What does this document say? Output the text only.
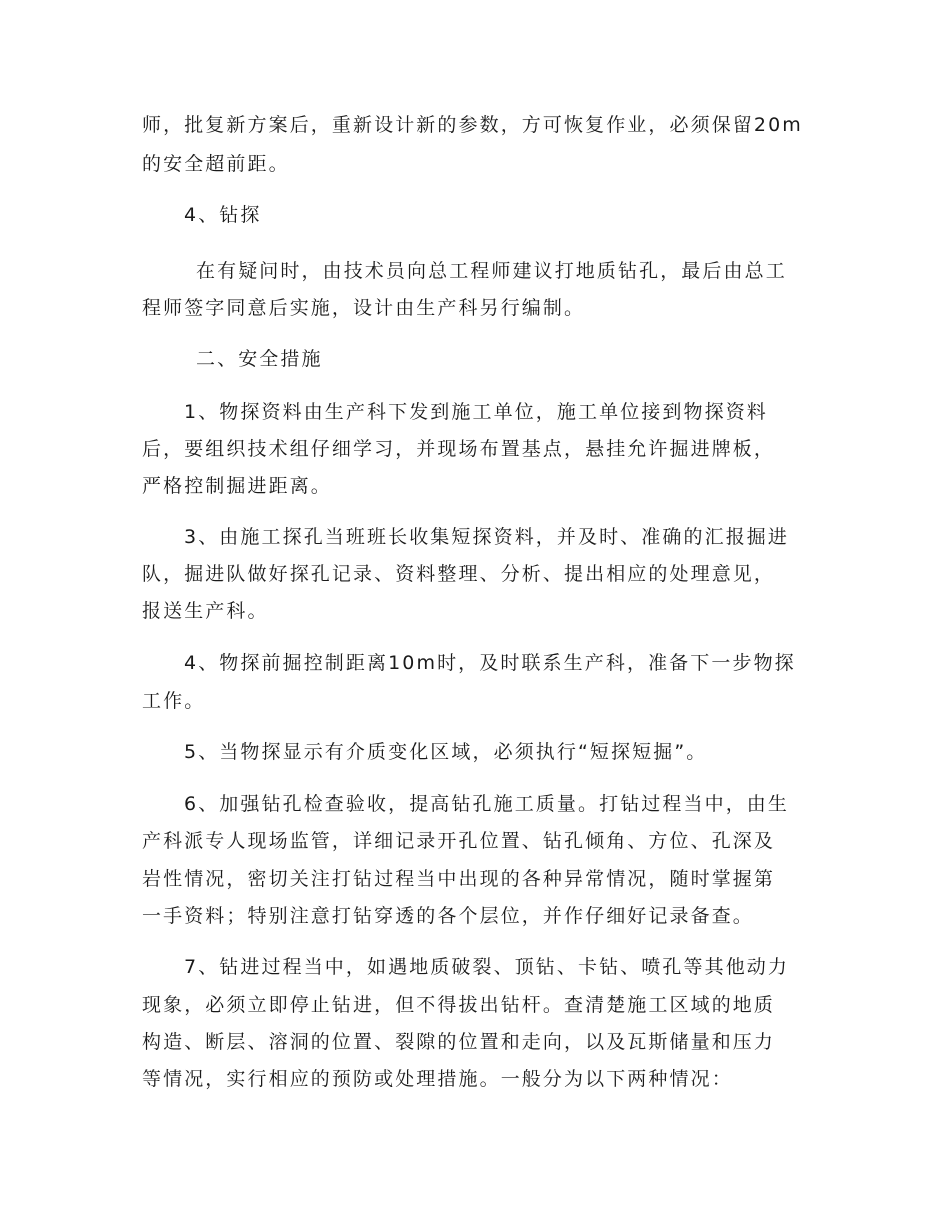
师，批复新方案后，重新设计新的参数，方可恢复作业，必须保留20m
的安全超前距。
4、钻探
在有疑问时，由技术员向总工程师建议打地质钻孔，最后由总工
程师签字同意后实施，设计由生产科另行编制。
二、安全措施
1、物探资料由生产科下发到施工单位，施工单位接到物探资料
后，要组织技术组仔细学习，并现场布置基点，悬挂允许掘进牌板，
严格控制掘进距离。
3、由施工探孔当班班长收集短探资料，并及时、准确的汇报掘进
队，掘进队做好探孔记录、资料整理、分析、提出相应的处理意见，
报送生产科。
4、物探前掘控制距离10m时，及时联系生产科，准备下一步物探
工作。
5、当物探显示有介质变化区域，必须执行“短探短掘”。
6、加强钻孔检查验收，提高钻孔施工质量。打钻过程当中，由生
产科派专人现场监管，详细记录开孔位置、钻孔倾角、方位、孔深及
岩性情况，密切关注打钻过程当中出现的各种异常情况，随时掌握第
一手资料；特别注意打钻穿透的各个层位，并作仔细好记录备查。
7、钻进过程当中，如遇地质破裂、顶钻、卡钻、喷孔等其他动力
现象，必须立即停止钻进，但不得拔出钻杆。查清楚施工区域的地质
构造、断层、溶洞的位置、裂隙的位置和走向，以及瓦斯储量和压力
等情况，实行相应的预防或处理措施。一般分为以下两种情况：
